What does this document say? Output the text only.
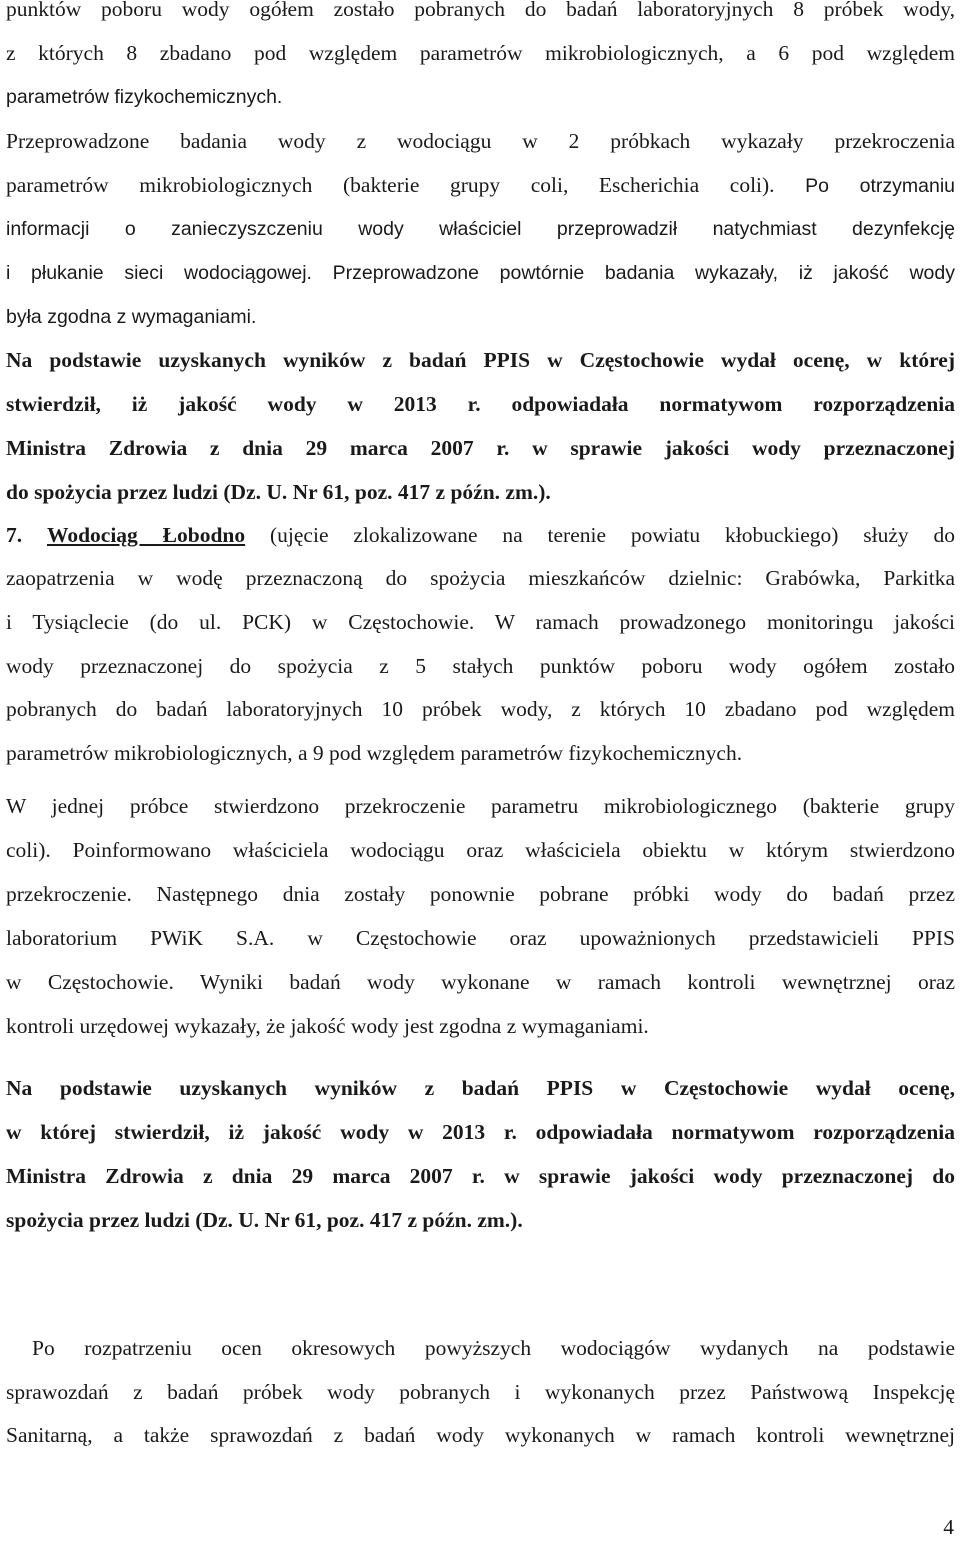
punktów poboru wody ogółem zostało pobranych do badań laboratoryjnych 8 próbek wody,
z których 8 zbadano pod względem parametrów mikrobiologicznych, a 6 pod względem
parametrów fizykochemicznych.
Przeprowadzone badania wody z wodociągu w 2 próbkach wykazały przekroczenia
parametrów mikrobiologicznych (bakterie grupy coli, Escherichia coli). Po otrzymaniu
informacji o zanieczyszczeniu wody właściciel przeprowadził natychmiast dezynfekcję
i płukanie sieci wodociągowej. Przeprowadzone powtórnie badania wykazały, iż jakość wody
była zgodna z wymaganiami.
Na podstawie uzyskanych wyników z badań PPIS w Częstochowie wydał ocenę, w której
stwierdził, iż jakość wody w 2013 r. odpowiadała normatywom rozporządzenia
Ministra Zdrowia z dnia 29 marca 2007 r. w sprawie jakości wody przeznaczonej
do spożycia przez ludzi (Dz. U. Nr 61, poz. 417 z późn. zm.).
7. Wodociąg Łobodno (ujęcie zlokalizowane na terenie powiatu kłobuckiego) służy do
zaopatrzenia w wodę przeznaczoną do spożycia mieszkańców dzielnic: Grabówka, Parkitka
i Tysiąclecie (do ul. PCK) w Częstochowie. W ramach prowadzonego monitoringu jakości
wody przeznaczonej do spożycia z 5 stałych punktów poboru wody ogółem zostało
pobranych do badań laboratoryjnych 10 próbek wody, z których 10 zbadano pod względem
parametrów mikrobiologicznych, a 9 pod względem parametrów fizykochemicznych.
W jednej próbce stwierdzono przekroczenie parametru mikrobiologicznego (bakterie grupy
coli). Poinformowano właściciela wodociągu oraz właściciela obiektu w którym stwierdzono
przekroczenie. Następnego dnia zostały ponownie pobrane próbki wody do badań przez
laboratorium PWiK S.A. w Częstochowie oraz upoważnionych przedstawicieli PPIS
w Częstochowie. Wyniki badań wody wykonane w ramach kontroli wewnętrznej oraz
kontroli urzędowej wykazały, że jakość wody jest zgodna z wymaganiami.
Na podstawie uzyskanych wyników z badań PPIS w Częstochowie wydał ocenę,
w której stwierdził, iż jakość wody w 2013 r. odpowiadała normatywom rozporządzenia
Ministra Zdrowia z dnia 29 marca 2007 r. w sprawie jakości wody przeznaczonej do
spożycia przez ludzi (Dz. U. Nr 61, poz. 417 z późn. zm.).
Po rozpatrzeniu ocen okresowych powyższych wodociągów wydanych na podstawie
sprawozdań z badań próbek wody pobranych i wykonanych przez Państwową Inspekcję
Sanitarną, a także sprawozdań z badań wody wykonanych w ramach kontroli wewnętrznej
4
